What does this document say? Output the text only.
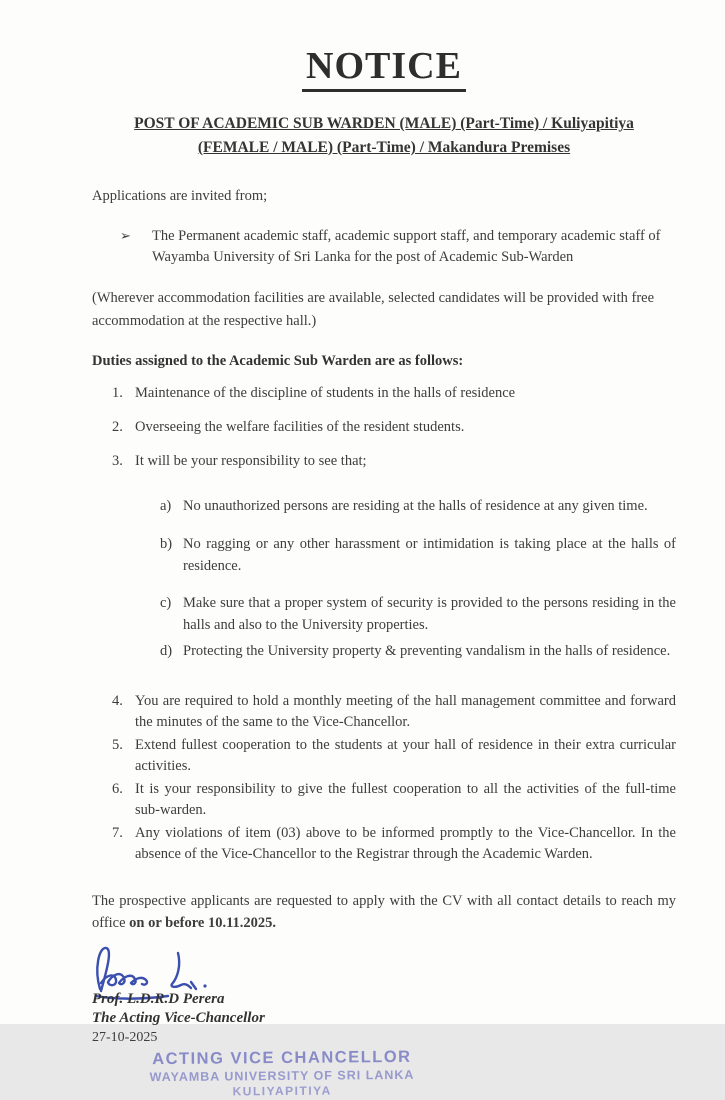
NOTICE
POST OF ACADEMIC SUB WARDEN (MALE) (Part-Time) / Kuliyapitiya
(FEMALE / MALE) (Part-Time) / Makandura Premises

Applications are invited from;

➢	The Permanent academic staff, academic support staff, and temporary academic staff of Wayamba University of Sri Lanka for the post of Academic Sub-Warden

(Wherever accommodation facilities are available, selected candidates will be provided with free accommodation at the respective hall.)

Duties assigned to the Academic Sub Warden are as follows:

1. Maintenance of the discipline of students in the halls of residence
2. Overseeing the welfare facilities of the resident students.
3. It will be your responsibility to see that;
a) No unauthorized persons are residing at the halls of residence at any given time.
b) No ragging or any other harassment or intimidation is taking place at the halls of residence.
c) Make sure that a proper system of security is provided to the persons residing in the halls and also to the University properties.
d) Protecting the University property & preventing vandalism in the halls of residence.
4. You are required to hold a monthly meeting of the hall management committee and forward the minutes of the same to the Vice-Chancellor.
5. Extend fullest cooperation to the students at your hall of residence in their extra curricular activities.
6. It is your responsibility to give the fullest cooperation to all the activities of the full-time sub-warden.
7. Any violations of item (03) above to be informed promptly to the Vice-Chancellor. In the absence of the Vice-Chancellor to the Registrar through the Academic Warden.

The prospective applicants are requested to apply with the CV with all contact details to reach my office on or before 10.11.2025.

Prof. L.D.R.D Perera
The Acting Vice-Chancellor
27-10-2025
ACTING VICE CHANCELLOR
WAYAMBA UNIVERSITY OF SRI LANKA
KULIYAPITIYA
